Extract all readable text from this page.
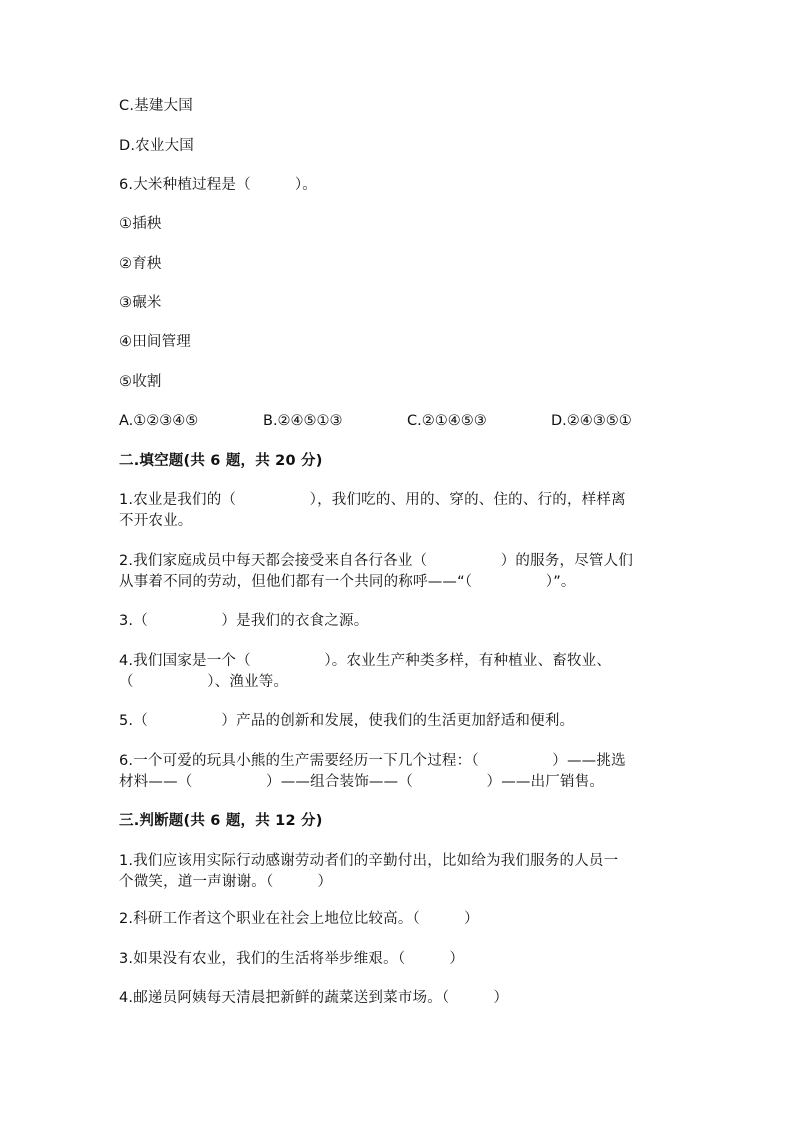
C.基建大国
D.农业大国
6.大米种植过程是（　　　）。
①插秧
②育秧
③碾米
④田间管理
⑤收割
A.①②③④⑤	B.②④⑤①③	C.②①④⑤③	D.②④③⑤①
二.填空题(共 6 题，共 20 分)
1.农业是我们的（　　　　　），我们吃的、用的、穿的、住的、行的，样样离
不开农业。
2.我们家庭成员中每天都会接受来自各行各业（　　　　　）的服务，尽管人们
从事着不同的劳动，但他们都有一个共同的称呼——“（　　　　　）”。
3.（　　　　　）是我们的衣食之源。
4.我们国家是一个（　　　　　）。农业生产种类多样，有种植业、畜牧业、
（　　　　　）、渔业等。
5.（　　　　　）产品的创新和发展，使我们的生活更加舒适和便利。
6.一个可爱的玩具小熊的生产需要经历一下几个过程：（　　　　　）——挑选
材料——（　　　　　）——组合装饰——（　　　　　）——出厂销售。
三.判断题(共 6 题，共 12 分)
1.我们应该用实际行动感谢劳动者们的辛勤付出，比如给为我们服务的人员一
个微笑，道一声谢谢。（　　　）
2.科研工作者这个职业在社会上地位比较高。（　　　）
3.如果没有农业，我们的生活将举步维艰。（　　　）
4.邮递员阿姨每天清晨把新鲜的蔬菜送到菜市场。（　　　）
